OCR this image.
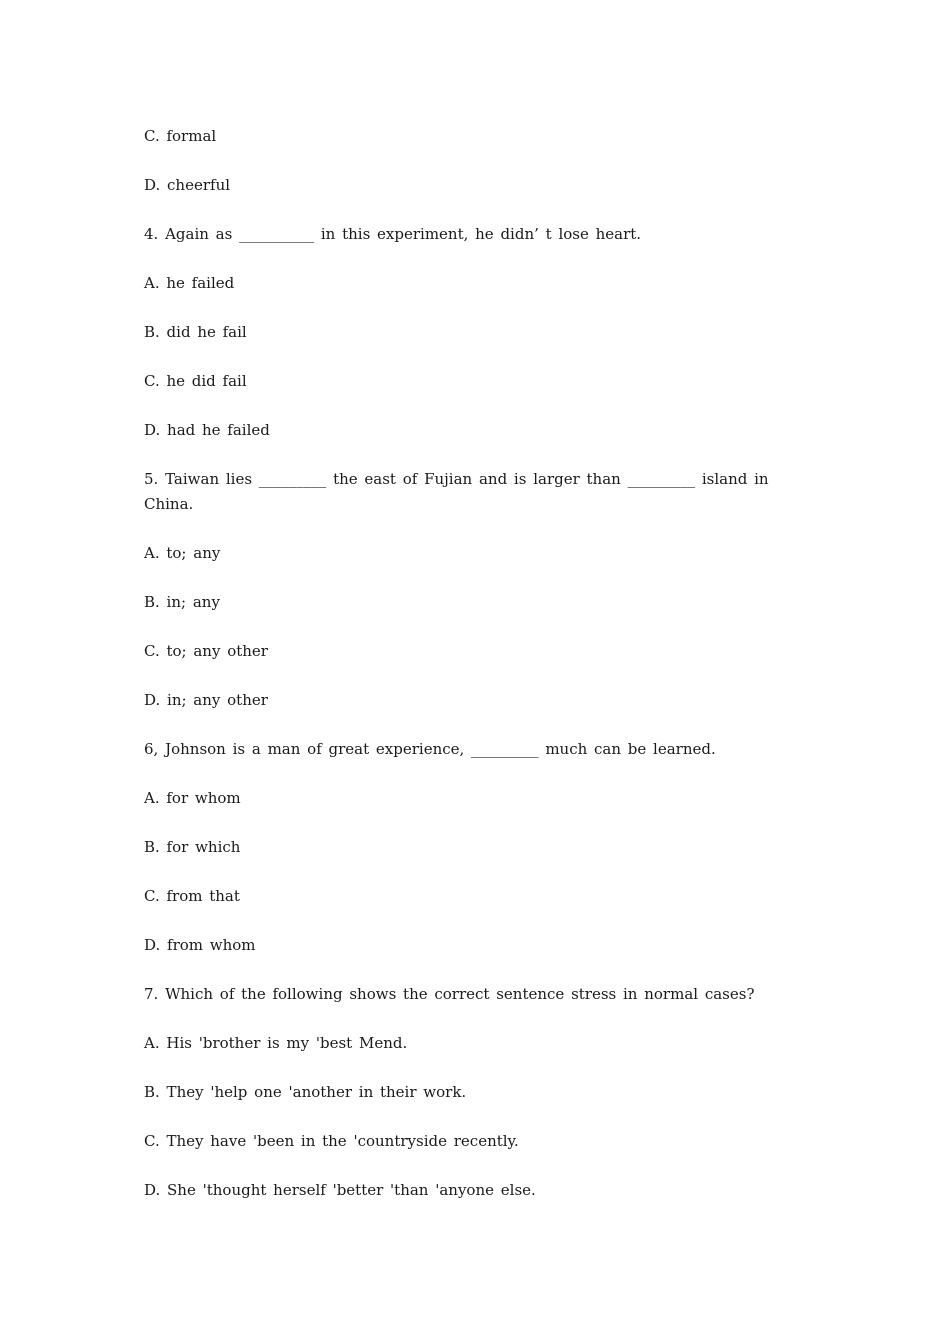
C. formal

D. cheerful

4. Again as __________ in this experiment, he didn’ t lose heart.

A. he failed

B. did he fail

C. he did fail

D. had he failed

5. Taiwan lies _________ the east of Fujian and is larger than _________ island in China.

A. to; any

B. in; any

C. to; any other

D. in; any other

6, Johnson is a man of great experience, _________ much can be learned.

A. for whom

B. for which

C. from that

D. from whom

7. Which of the following shows the correct sentence stress in normal cases?

A. His 'brother is my 'best Mend.

B. They 'help one 'another in their work.

C. They have 'been in the 'countryside recently.

D. She 'thought herself 'better 'than 'anyone else.
